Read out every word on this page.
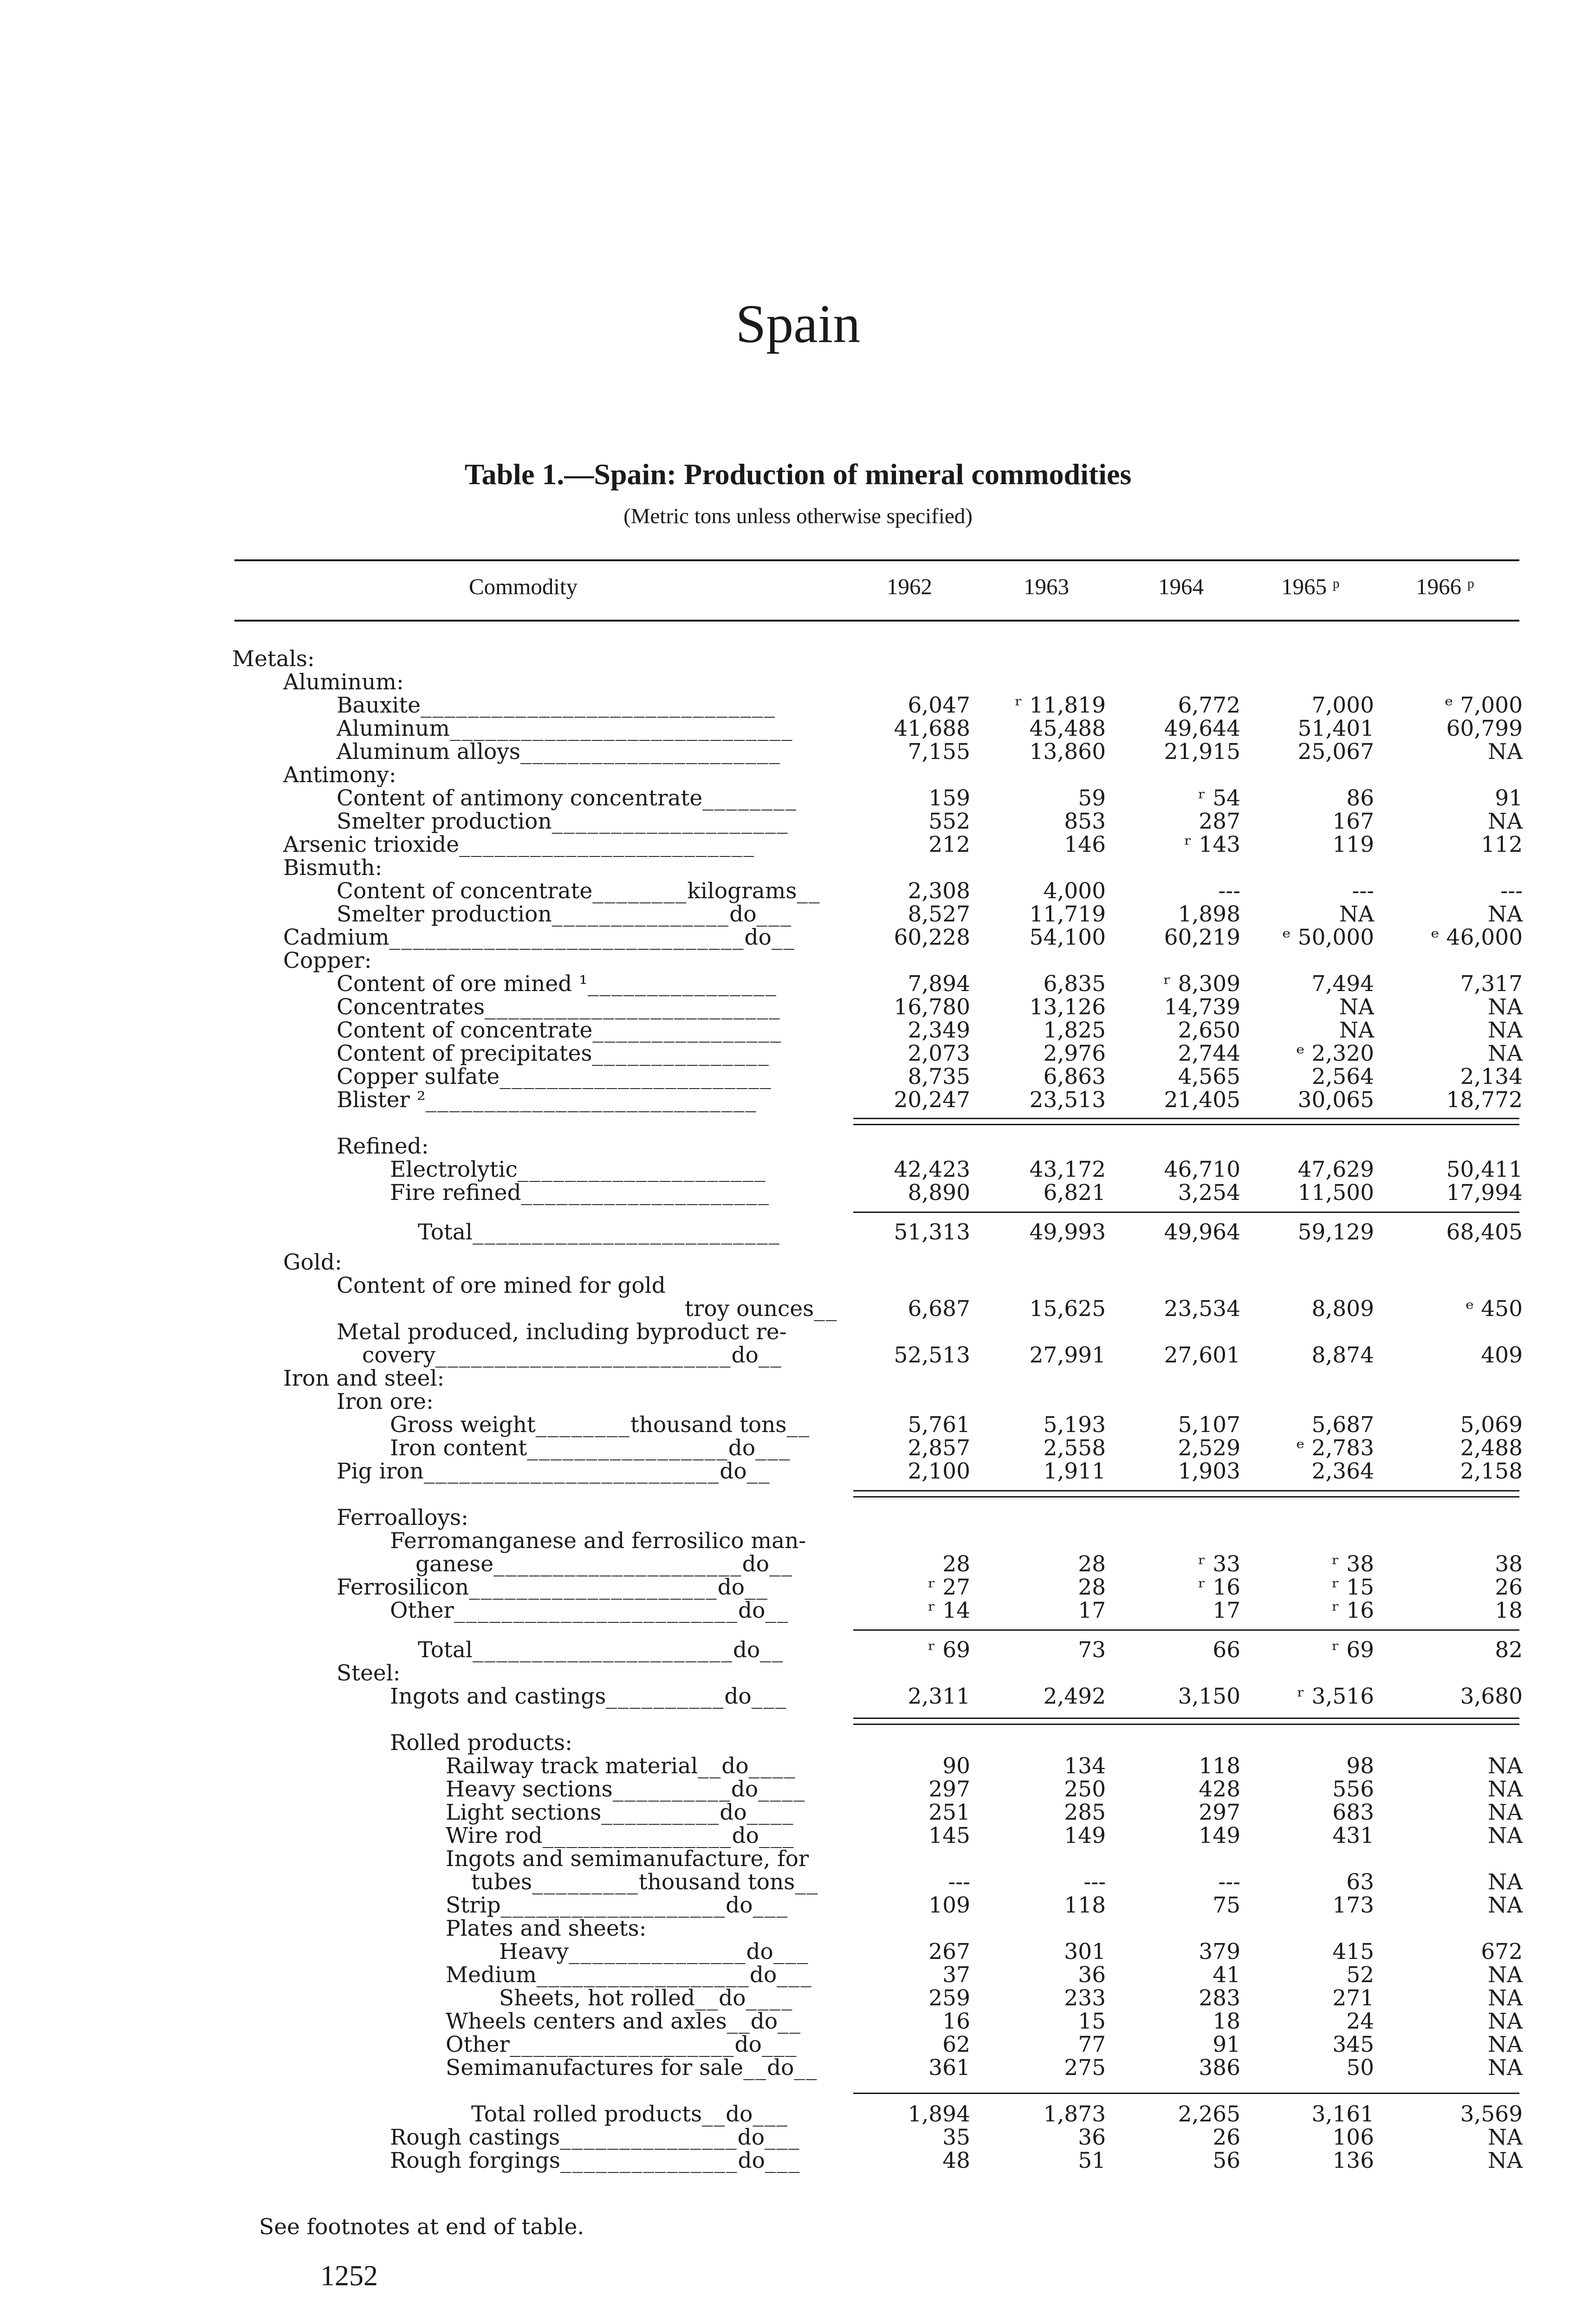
Spain
Table 1.—Spain: Production of mineral commodities
(Metric tons unless otherwise specified)
Commodity	1962	1963	1964	1965 ᵖ	1966 ᵖ
Metals:
Aluminum:
Bauxite______________________________	6,047	ʳ 11,819	6,772	7,000	ᵉ 7,000
Aluminum_____________________________	41,688	45,488	49,644	51,401	60,799
Aluminum alloys______________________	7,155	13,860	21,915	25,067	NA
Antimony:
Content of antimony concentrate________	159	59	ʳ 54	86	91
Smelter production____________________	552	853	287	167	NA
Arsenic trioxide_________________________	212	146	ʳ 143	119	112
Bismuth:
Content of concentrate________kilograms__	2,308	4,000	---	---	---
Smelter production_______________do___	8,527	11,719	1,898	NA	NA
Cadmium______________________________do__	60,228	54,100	60,219	ᵉ 50,000	ᵉ 46,000
Copper:
Content of ore mined ¹________________	7,894	6,835	ʳ 8,309	7,494	7,317
Concentrates_________________________	16,780	13,126	14,739	NA	NA
Content of concentrate________________	2,349	1,825	2,650	NA	NA
Content of precipitates_______________	2,073	2,976	2,744	ᵉ 2,320	NA
Copper sulfate_______________________	8,735	6,863	4,565	2,564	2,134
Blister ²____________________________	20,247	23,513	21,405	30,065	18,772
Refined:
Electrolytic_____________________	42,423	43,172	46,710	47,629	50,411
Fire refined_____________________	8,890	6,821	3,254	11,500	17,994
Total__________________________	51,313	49,993	49,964	59,129	68,405
Gold:
Content of ore mined for gold
troy ounces__	6,687	15,625	23,534	8,809	ᵉ 450
Metal produced, including byproduct re-
covery_________________________do__	52,513	27,991	27,601	8,874	409
Iron and steel:
Iron ore:
Gross weight________thousand tons__	5,761	5,193	5,107	5,687	5,069
Iron content_________________do___	2,857	2,558	2,529	ᵉ 2,783	2,488
Pig iron_________________________do__	2,100	1,911	1,903	2,364	2,158
Ferroalloys:
Ferromanganese and ferrosilico man-
ganese_____________________do__	28	28	ʳ 33	ʳ 38	38
Ferrosilicon_____________________do__	ʳ 27	28	ʳ 16	ʳ 15	26
Other________________________do__	ʳ 14	17	17	ʳ 16	18
Total______________________do__	ʳ 69	73	66	ʳ 69	82
Steel:
Ingots and castings__________do___	2,311	2,492	3,150	ʳ 3,516	3,680
Rolled products:
Railway track material__do____	90	134	118	98	NA
Heavy sections__________do____	297	250	428	556	NA
Light sections__________do____	251	285	297	683	NA
Wire rod________________do___	145	149	149	431	NA
Ingots and semimanufacture, for
tubes_________thousand tons__	---	---	---	63	NA
Strip___________________do___	109	118	75	173	NA
Plates and sheets:
Heavy_______________do___	267	301	379	415	672
Medium__________________do___	37	36	41	52	NA
Sheets, hot rolled__do____	259	233	283	271	NA
Wheels centers and axles__do__	16	15	18	24	NA
Other___________________do___	62	77	91	345	NA
Semimanufactures for sale__do__	361	275	386	50	NA
Total rolled products__do___	1,894	1,873	2,265	3,161	3,569
Rough castings_______________do___	35	36	26	106	NA
Rough forgings_______________do___	48	51	56	136	NA
See footnotes at end of table.
1252
